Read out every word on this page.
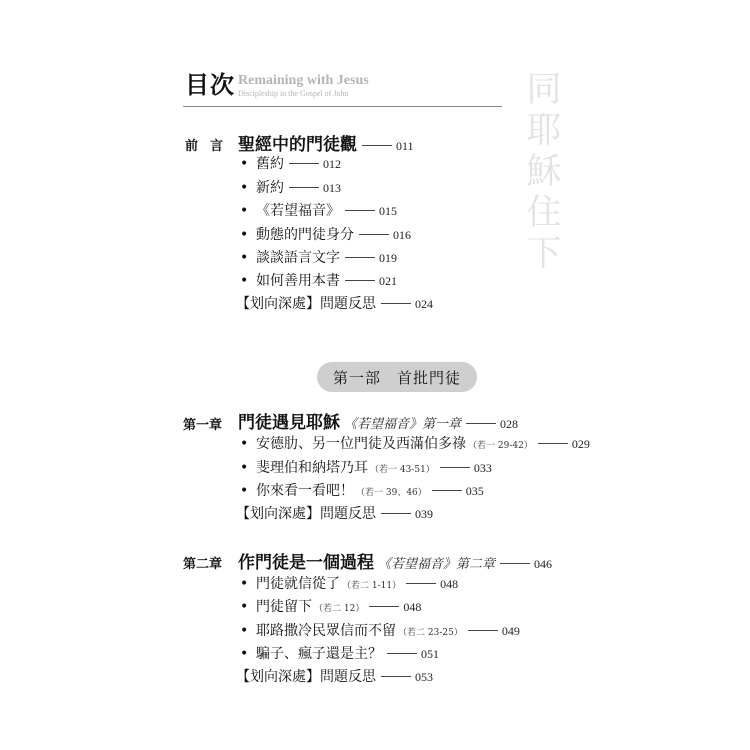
目次 Remaining with Jesus
Discipleship in the Gospel of John	同耶穌住下
前言 聖經中的門徒觀	011
• 舊約	012
• 新約	013
• 《若望福音》	015
• 動態的門徒身分	016
• 談談語言文字	019
• 如何善用本書	021
【划向深處】問題反思	024
第一部　首批門徒
第一章 門徒遇見耶穌 《若望福音》第一章	028
• 安德肋、另一位門徒及西滿伯多祿 （若一 29-42）	029
• 斐理伯和納塔乃耳 （若一 43-51）	033
• 你來看一看吧！ （若一 39、46）	035
【划向深處】問題反思	039
第二章 作門徒是一個過程 《若望福音》第二章	046
• 門徒就信從了 （若二 1-11）	048
• 門徒留下 （若二 12）	048
• 耶路撒冷民眾信而不留 （若二 23-25）	049
• 騙子、瘋子還是主？	051
【划向深處】問題反思	053
